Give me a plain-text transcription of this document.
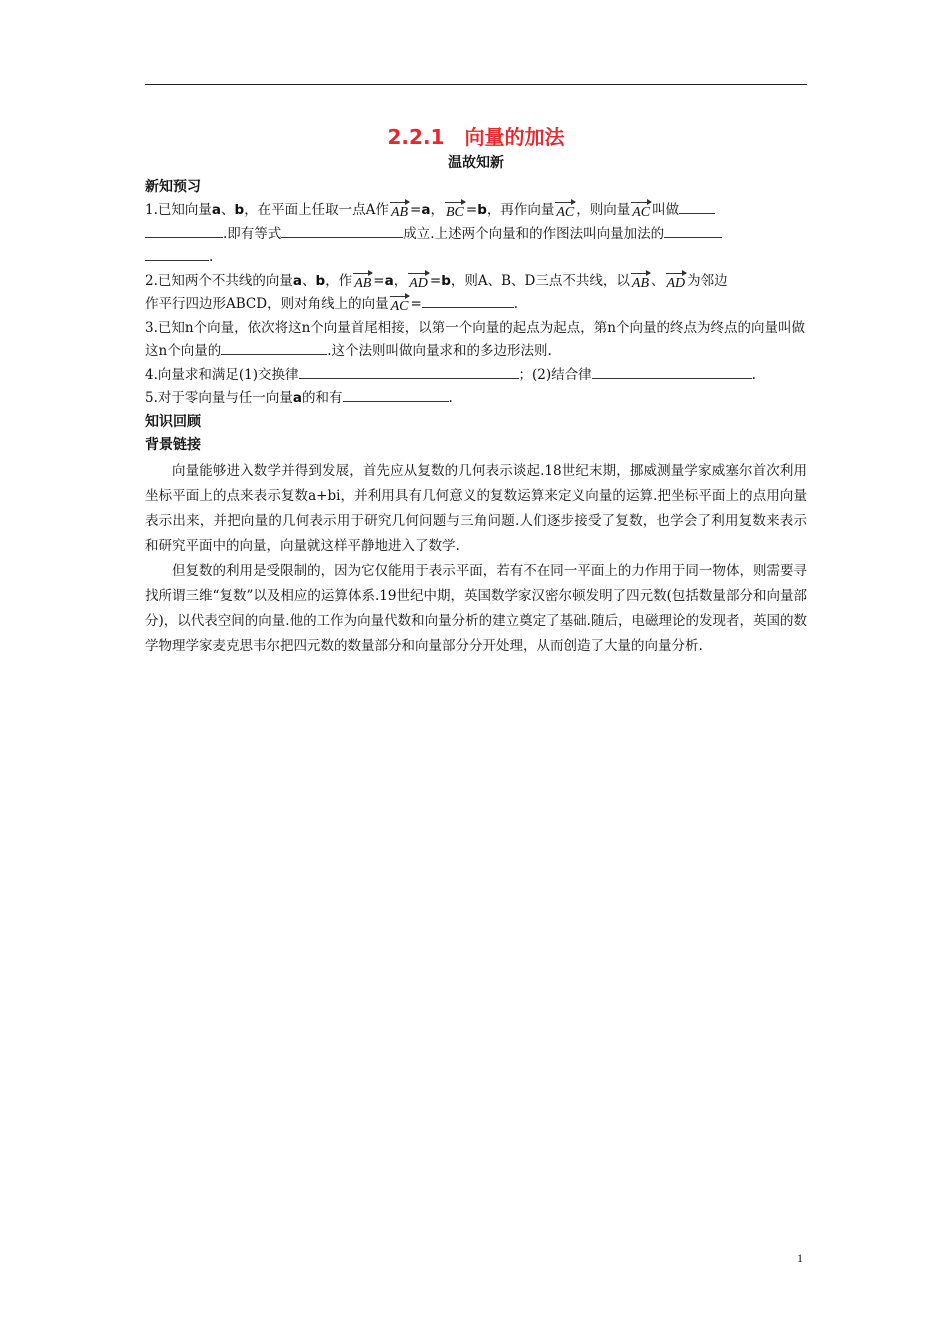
2.2.1　向量的加法
温故知新
新知预习

1.已知向量a、b，在平面上任取一点A作 AB =a， BC =b，再作向量 AC ，则向量 AC 叫做
.即有等式	成立.上述两个向量和的作图法叫向量加法的
.

2.已知两个不共线的向量a、b，作 AB =a， AD =b，则A、B、D三点不共线，以 AB 、 AD 为邻边
作平行四边形ABCD，则对角线上的向量 AC =	.

3.已知n个向量，依次将这n个向量首尾相接，以第一个向量的起点为起点，第n个向量的终点为终点的向量叫做这n个向量的	.这个法则叫做向量求和的多边形法则.

4.向量求和满足(1)交换律	；(2)结合律	.

5.对于零向量与任一向量a的和有	.

知识回顾
背景链接

向量能够进入数学并得到发展，首先应从复数的几何表示谈起.18世纪末期，挪威测量学家威塞尔首次利用坐标平面上的点来表示复数a+bi，并利用具有几何意义的复数运算来定义向量的运算.把坐标平面上的点用向量表示出来，并把向量的几何表示用于研究几何问题与三角问题.人们逐步接受了复数，也学会了利用复数来表示和研究平面中的向量，向量就这样平静地进入了数学.

但复数的利用是受限制的，因为它仅能用于表示平面，若有不在同一平面上的力作用于同一物体，则需要寻找所谓三维“复数”以及相应的运算体系.19世纪中期，英国数学家汉密尔顿发明了四元数(包括数量部分和向量部分)，以代表空间的向量.他的工作为向量代数和向量分析的建立奠定了基础.随后，电磁理论的发现者，英国的数学物理学家麦克思韦尔把四元数的数量部分和向量部分分开处理，从而创造了大量的向量分析.

1
